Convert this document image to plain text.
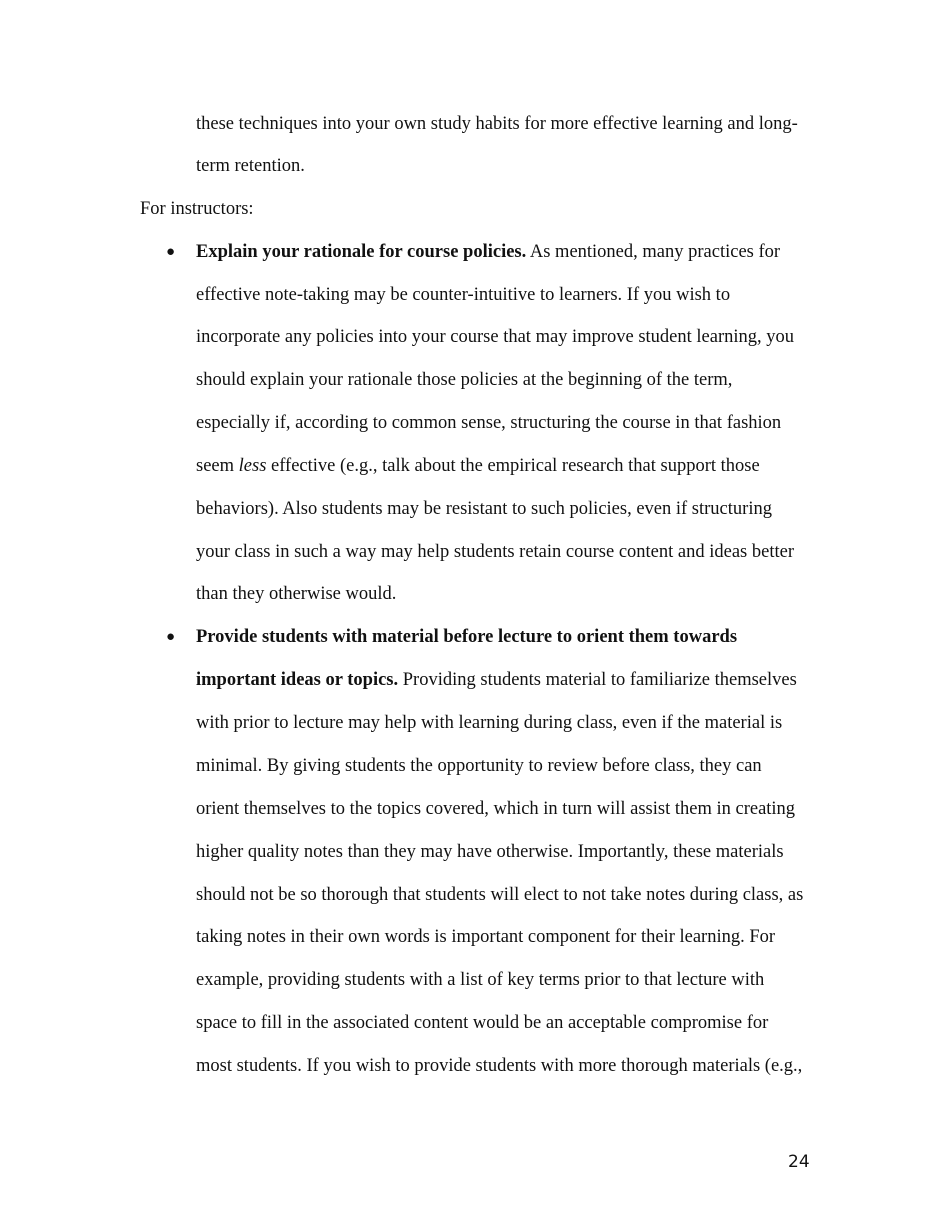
these techniques into your own study habits for more effective learning and long-
term retention.
For instructors:
● Explain your rationale for course policies. As mentioned, many practices for
effective note-taking may be counter-intuitive to learners. If you wish to
incorporate any policies into your course that may improve student learning, you
should explain your rationale those policies at the beginning of the term,
especially if, according to common sense, structuring the course in that fashion
seem less effective (e.g., talk about the empirical research that support those
behaviors). Also students may be resistant to such policies, even if structuring
your class in such a way may help students retain course content and ideas better
than they otherwise would.
● Provide students with material before lecture to orient them towards
important ideas or topics. Providing students material to familiarize themselves
with prior to lecture may help with learning during class, even if the material is
minimal. By giving students the opportunity to review before class, they can
orient themselves to the topics covered, which in turn will assist them in creating
higher quality notes than they may have otherwise. Importantly, these materials
should not be so thorough that students will elect to not take notes during class, as
taking notes in their own words is important component for their learning. For
example, providing students with a list of key terms prior to that lecture with
space to fill in the associated content would be an acceptable compromise for
most students. If you wish to provide students with more thorough materials (e.g.,
24
